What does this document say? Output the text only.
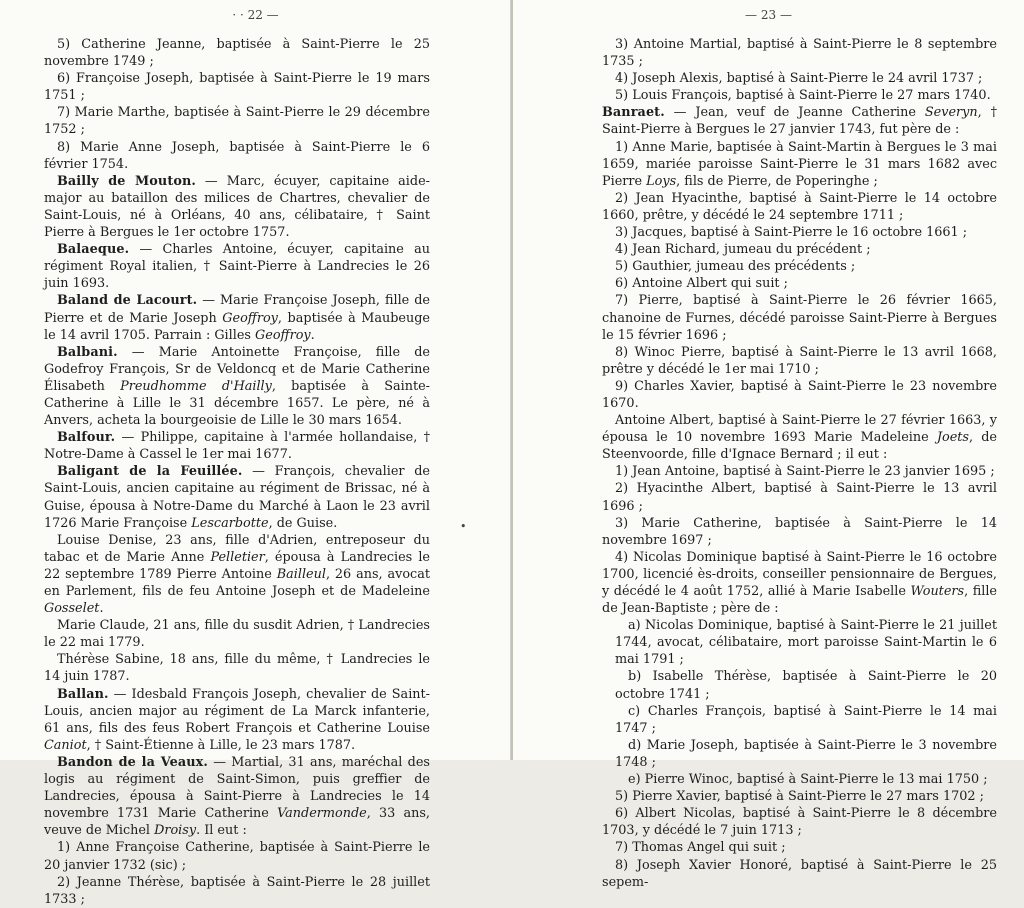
· · 22 —

5) Catherine Jeanne, baptisée à Saint-Pierre le 25 novembre 1749 ;

6) Françoise Joseph, baptisée à Saint-Pierre le 19 mars 1751 ;

7) Marie Marthe, baptisée à Saint-Pierre le 29 décembre 1752 ;

8) Marie Anne Joseph, baptisée à Saint-Pierre le 6 février 1754.

Bailly de Mouton. — Marc, écuyer, capitaine aide-major au bataillon des milices de Chartres, chevalier de Saint-Louis, né à Orléans, 40 ans, célibataire, † Saint Pierre à Bergues le 1er octobre 1757.

Balaeque. — Charles Antoine, écuyer, capitaine au régiment Royal italien, † Saint-Pierre à Landrecies le 26 juin 1693.

Baland de Lacourt. — Marie Françoise Joseph, fille de Pierre et de Marie Joseph Geoffroy, baptisée à Maubeuge le 14 avril 1705. Parrain : Gilles Geoffroy.

Balbani. — Marie Antoinette Françoise, fille de Godefroy François, Sr de Veldoncq et de Marie Catherine Élisabeth Preudhomme d'Hailly, baptisée à Sainte-Catherine à Lille le 31 décembre 1657. Le père, né à Anvers, acheta la bourgeoisie de Lille le 30 mars 1654.

Balfour. — Philippe, capitaine à l'armée hollandaise, † Notre-Dame à Cassel le 1er mai 1677.

Baligant de la Feuillée. — François, chevalier de Saint-Louis, ancien capitaine au régiment de Brissac, né à Guise, épousa à Notre-Dame du Marché à Laon le 23 avril 1726 Marie Françoise Lescarbotte, de Guise.

Louise Denise, 23 ans, fille d'Adrien, entreposeur du tabac et de Marie Anne Pelletier, épousa à Landrecies le 22 septembre 1789 Pierre Antoine Bailleul, 26 ans, avocat en Parlement, fils de feu Antoine Joseph et de Madeleine Gosselet.

Marie Claude, 21 ans, fille du susdit Adrien, † Landrecies le 22 mai 1779.

Thérèse Sabine, 18 ans, fille du même, † Landrecies le 14 juin 1787.

Ballan. — Idesbald François Joseph, chevalier de Saint-Louis, ancien major au régiment de La Marck infanterie, 61 ans, fils des feus Robert François et Catherine Louise Caniot, † Saint-Étienne à Lille, le 23 mars 1787.

Bandon de la Veaux. — Martial, 31 ans, maréchal des logis au régiment de Saint-Simon, puis greffier de Landrecies, épousa à Saint-Pierre à Landrecies le 14 novembre 1731 Marie Catherine Vandermonde, 33 ans, veuve de Michel Droisy. Il eut :

1) Anne Françoise Catherine, baptisée à Saint-Pierre le 20 janvier 1732 (sic) ;

2) Jeanne Thérèse, baptisée à Saint-Pierre le 28 juillet 1733 ;

•
— 23 —

3) Antoine Martial, baptisé à Saint-Pierre le 8 septembre 1735 ;

4) Joseph Alexis, baptisé à Saint-Pierre le 24 avril 1737 ;

5) Louis François, baptisé à Saint-Pierre le 27 mars 1740.

Banraet. — Jean, veuf de Jeanne Catherine Severyn, † Saint-Pierre à Bergues le 27 janvier 1743, fut père de :

1) Anne Marie, baptisée à Saint-Martin à Bergues le 3 mai 1659, mariée paroisse Saint-Pierre le 31 mars 1682 avec Pierre Loys, fils de Pierre, de Poperinghe ;

2) Jean Hyacinthe, baptisé à Saint-Pierre le 14 octobre 1660, prêtre, y décédé le 24 septembre 1711 ;

3) Jacques, baptisé à Saint-Pierre le 16 octobre 1661 ;

4) Jean Richard, jumeau du précédent ;

5) Gauthier, jumeau des précédents ;

6) Antoine Albert qui suit ;

7) Pierre, baptisé à Saint-Pierre le 26 février 1665, chanoine de Furnes, décédé paroisse Saint-Pierre à Bergues le 15 février 1696 ;

8) Winoc Pierre, baptisé à Saint-Pierre le 13 avril 1668, prêtre y décédé le 1er mai 1710 ;

9) Charles Xavier, baptisé à Saint-Pierre le 23 novembre 1670.

Antoine Albert, baptisé à Saint-Pierre le 27 février 1663, y épousa le 10 novembre 1693 Marie Madeleine Joets, de Steenvoorde, fille d'Ignace Bernard ; il eut :

1) Jean Antoine, baptisé à Saint-Pierre le 23 janvier 1695 ;

2) Hyacinthe Albert, baptisé à Saint-Pierre le 13 avril 1696 ;

3) Marie Catherine, baptisée à Saint-Pierre le 14 novembre 1697 ;

4) Nicolas Dominique baptisé à Saint-Pierre le 16 octobre 1700, licencié ès-droits, conseiller pensionnaire de Bergues, y décédé le 4 août 1752, allié à Marie Isabelle Wouters, fille de Jean-Baptiste ; père de :

a) Nicolas Dominique, baptisé à Saint-Pierre le 21 juillet 1744, avocat, célibataire, mort paroisse Saint-Martin le 6 mai 1791 ;

b) Isabelle Thérèse, baptisée à Saint-Pierre le 20 octobre 1741 ;

c) Charles François, baptisé à Saint-Pierre le 14 mai 1747 ;

d) Marie Joseph, baptisée à Saint-Pierre le 3 novembre 1748 ;

e) Pierre Winoc, baptisé à Saint-Pierre le 13 mai 1750 ;

5) Pierre Xavier, baptisé à Saint-Pierre le 27 mars 1702 ;

6) Albert Nicolas, baptisé à Saint-Pierre le 8 décembre 1703, y décédé le 7 juin 1713 ;

7) Thomas Angel qui suit ;

8) Joseph Xavier Honoré, baptisé à Saint-Pierre le 25 sepem-
